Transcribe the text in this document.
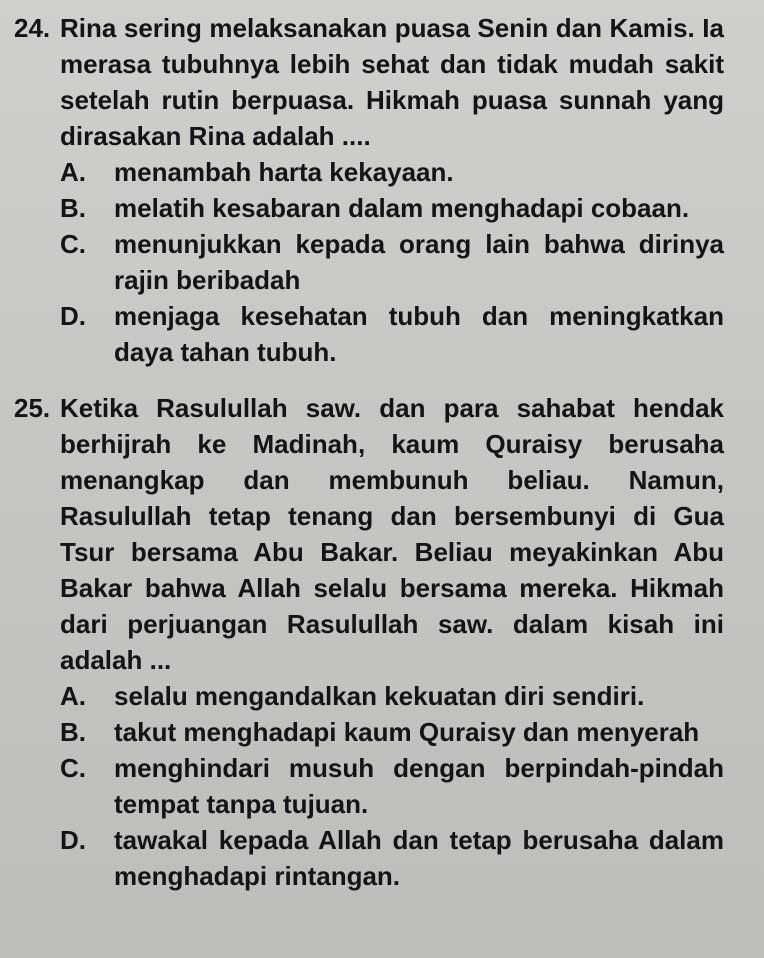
24. Rina sering melaksanakan puasa Senin dan Kamis. Ia merasa tubuhnya lebih sehat dan tidak mudah sakit setelah rutin berpuasa. Hikmah puasa sunnah yang dirasakan Rina adalah ....

A. menambah harta kekayaan.
B. melatih kesabaran dalam menghadapi cobaan.
C. menunjukkan kepada orang lain bahwa dirinya rajin beribadah
D. menjaga kesehatan tubuh dan meningkatkan daya tahan tubuh.
25. Ketika Rasulullah saw. dan para sahabat hendak berhijrah ke Madinah, kaum Quraisy berusaha menangkap dan membunuh beliau. Namun, Rasulullah tetap tenang dan bersembunyi di Gua Tsur bersama Abu Bakar. Beliau meyakinkan Abu Bakar bahwa Allah selalu bersama mereka. Hikmah dari perjuangan Rasulullah saw. dalam kisah ini adalah ...

A. selalu mengandalkan kekuatan diri sendiri.
B. takut menghadapi kaum Quraisy dan menyerah
C. menghindari musuh dengan berpindah-pindah tempat tanpa tujuan.
D. tawakal kepada Allah dan tetap berusaha dalam menghadapi rintangan.
